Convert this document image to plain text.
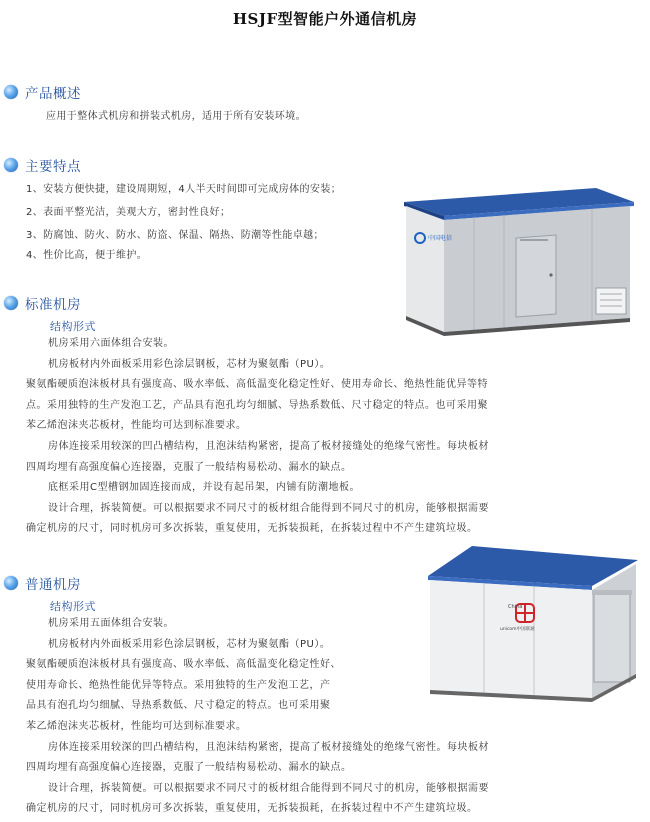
HSJF型智能户外通信机房
产品概述

应用于整体式机房和拼装式机房，适用于所有安装环境。

主要特点

1、安装方便快捷，建设周期短，4人半天时间即可完成房体的安装；

2、表面平整光洁，美观大方，密封性良好；

3、防腐蚀、防火、防水、防盗、保温、隔热、防潮等性能卓越；

4、性价比高，便于维护。

中国电信
标准机房
结构形式
机房采用六面体组合安装。
机房板材内外面板采用彩色涂层钢板，芯材为聚氨酯（PU）。
聚氨酯硬质泡沫板材具有强度高、吸水率低、高低温变化稳定性好、使用寿命长、绝热性能优异等特
点。采用独特的生产发泡工艺，产品具有泡孔均匀细腻、导热系数低、尺寸稳定的特点。也可采用聚
苯乙烯泡沫夹芯板材，性能均可达到标准要求。
房体连接采用较深的凹凸槽结构，且泡沫结构紧密，提高了板材接缝处的绝缘气密性。每块板材
四周均埋有高强度偏心连接器，克服了一般结构易松动、漏水的缺点。
底框采用C型槽钢加固连接而成，并设有起吊架，内铺有防潮地板。
设计合理，拆装简便。可以根据要求不同尺寸的板材组合能得到不同尺寸的机房，能够根据需要
确定机房的尺寸，同时机房可多次拆装，重复使用，无拆装损耗，在拆装过程中不产生建筑垃圾。
China
unicom中国联通
普通机房
结构形式
机房采用五面体组合安装。
机房板材内外面板采用彩色涂层钢板，芯材为聚氨酯（PU）。
聚氨酯硬质泡沫板材具有强度高、吸水率低、高低温变化稳定性好、
使用寿命长、绝热性能优异等特点。采用独特的生产发泡工艺，产
品具有泡孔均匀细腻、导热系数低、尺寸稳定的特点。也可采用聚
苯乙烯泡沫夹芯板材，性能均可达到标准要求。
房体连接采用较深的凹凸槽结构，且泡沫结构紧密，提高了板材接缝处的绝缘气密性。每块板材
四周均埋有高强度偏心连接器，克服了一般结构易松动、漏水的缺点。
设计合理，拆装简便。可以根据要求不同尺寸的板材组合能得到不同尺寸的机房，能够根据需要
确定机房的尺寸，同时机房可多次拆装，重复使用，无拆装损耗，在拆装过程中不产生建筑垃圾。
